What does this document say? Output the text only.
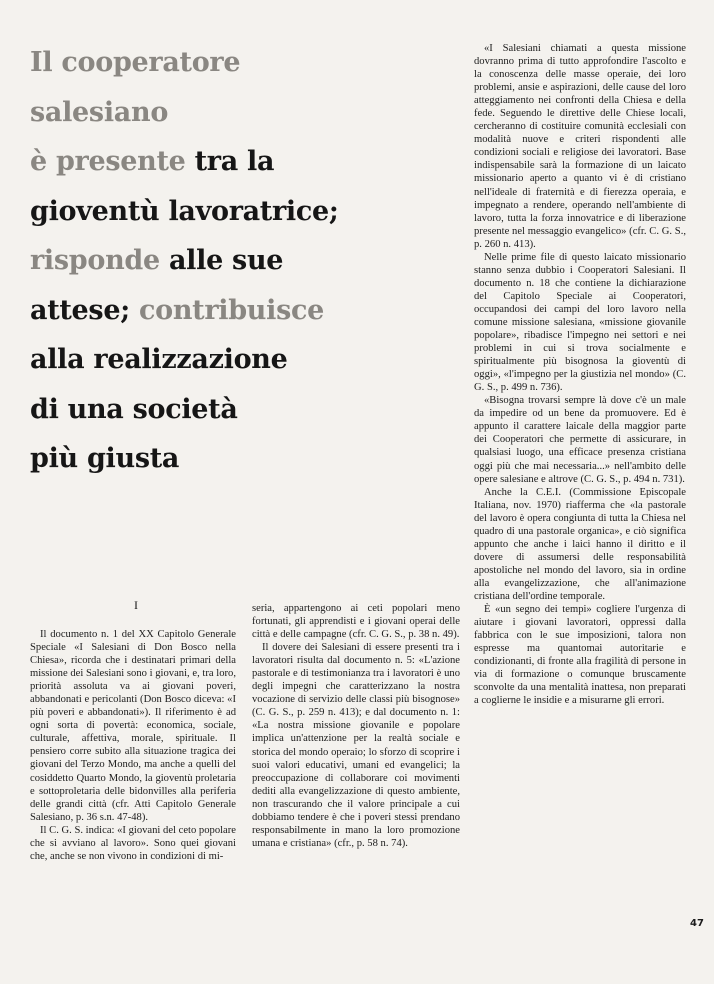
Il cooperatore
salesiano
è presente tra la
gioventù lavoratrice;
risponde alle sue
attese; contribuisce
alla realizzazione
di una società
più giusta

«I Salesiani chiamati a questa missione dovranno prima di tutto approfondire l'ascolto e la conoscenza delle masse operaie, dei loro problemi, ansie e aspirazioni, delle cause del loro atteggiamento nei confronti della Chiesa e della fede. Seguendo le direttive delle Chiese locali, cercheranno di costituire comunità ecclesiali con modalità nuove e criteri rispondenti alle condizioni sociali e religiose dei lavoratori. Base indispensabile sarà la formazione di un laicato missionario aperto a quanto vi è di cristiano nell'ideale di fraternità e di fierezza operaia, e impegnato a rendere, operando nell'ambiente di lavoro, tutta la forza innovatrice e di liberazione presente nel messaggio evangelico» (cfr. C. G. S., p. 260 n. 413).

Nelle prime file di questo laicato missionario stanno senza dubbio i Cooperatori Salesiani. Il documento n. 18 che contiene la dichiarazione del Capitolo Speciale ai Cooperatori, occupandosi dei campi del loro lavoro nella comune missione salesiana, «missione giovanile popolare», ribadisce l'impegno nei settori e nei problemi in cui si trova socialmente e spiritualmente più bisognosa la gioventù di oggi», «l'impegno per la giustizia nel mondo» (C. G. S., p. 499 n. 736).

«Bisogna trovarsi sempre là dove c'è un male da impedire od un bene da promuovere. Ed è appunto il carattere laicale della maggior parte dei Cooperatori che permette di assicurare, in qualsiasi luogo, una efficace presenza cristiana oggi più che mai necessaria...» nell'ambito delle opere salesiane e altrove (C. G. S., p. 494 n. 731).

Anche la C.E.I. (Commissione Episcopale Italiana, nov. 1970) riafferma che «la pastorale del lavoro è opera congiunta di tutta la Chiesa nel quadro di una pastorale organica», e ciò significa appunto che anche i laici hanno il diritto e il dovere di assumersi delle responsabilità apostoliche nel mondo del lavoro, sia in ordine alla evangelizzazione, che all'animazione cristiana dell'ordine temporale.

È «un segno dei tempi» cogliere l'urgenza di aiutare i giovani lavoratori, oppressi dalla fabbrica con le sue imposizioni, talora non espresse ma quantomai autoritarie e condizionanti, di fronte alla fragilità di persone in via di formazione o comunque bruscamente sconvolte da una mentalità inattesa, non preparati a coglierne le insidie e a misurarne gli errori.

I

Il documento n. 1 del XX Capitolo Generale Speciale «I Salesiani di Don Bosco nella Chiesa», ricorda che i destinatari primari della missione dei Salesiani sono i giovani, e, tra loro, priorità assoluta va ai giovani poveri, abbandonati e pericolanti (Don Bosco diceva: «I più poveri e abbandonati»). Il riferimento è ad ogni sorta di povertà: economica, sociale, culturale, affettiva, morale, spirituale. Il pensiero corre subito alla situazione tragica dei giovani del Terzo Mondo, ma anche a quelli del cosiddetto Quarto Mondo, la gioventù proletaria e sottoproletaria delle bidonvilles alla periferia delle grandi città (cfr. Atti Capitolo Generale Salesiano, p. 36 s.n. 47-48).

Il C. G. S. indica: «I giovani del ceto popolare che si avviano al lavoro». Sono quei giovani che, anche se non vivono in condizioni di mi-

seria, appartengono ai ceti popolari meno fortunati, gli apprendisti e i giovani operai delle città e delle campagne (cfr. C. G. S., p. 38 n. 49).

Il dovere dei Salesiani di essere presenti tra i lavoratori risulta dal documento n. 5: «L'azione pastorale e di testimonianza tra i lavoratori è uno degli impegni che caratterizzano la nostra vocazione di servizio delle classi più bisognose» (C. G. S., p. 259 n. 413); e dal documento n. 1: «La nostra missione giovanile e popolare implica un'attenzione per la realtà sociale e storica del mondo operaio; lo sforzo di scoprire i suoi valori educativi, umani ed evangelici; la preoccupazione di collaborare coi movimenti dediti alla evangelizzazione di questo ambiente, non trascurando che il valore principale a cui dobbiamo tendere è che i poveri stessi prendano responsabilmente in mano la loro promozione umana e cristiana» (cfr., p. 58 n. 74).

47
